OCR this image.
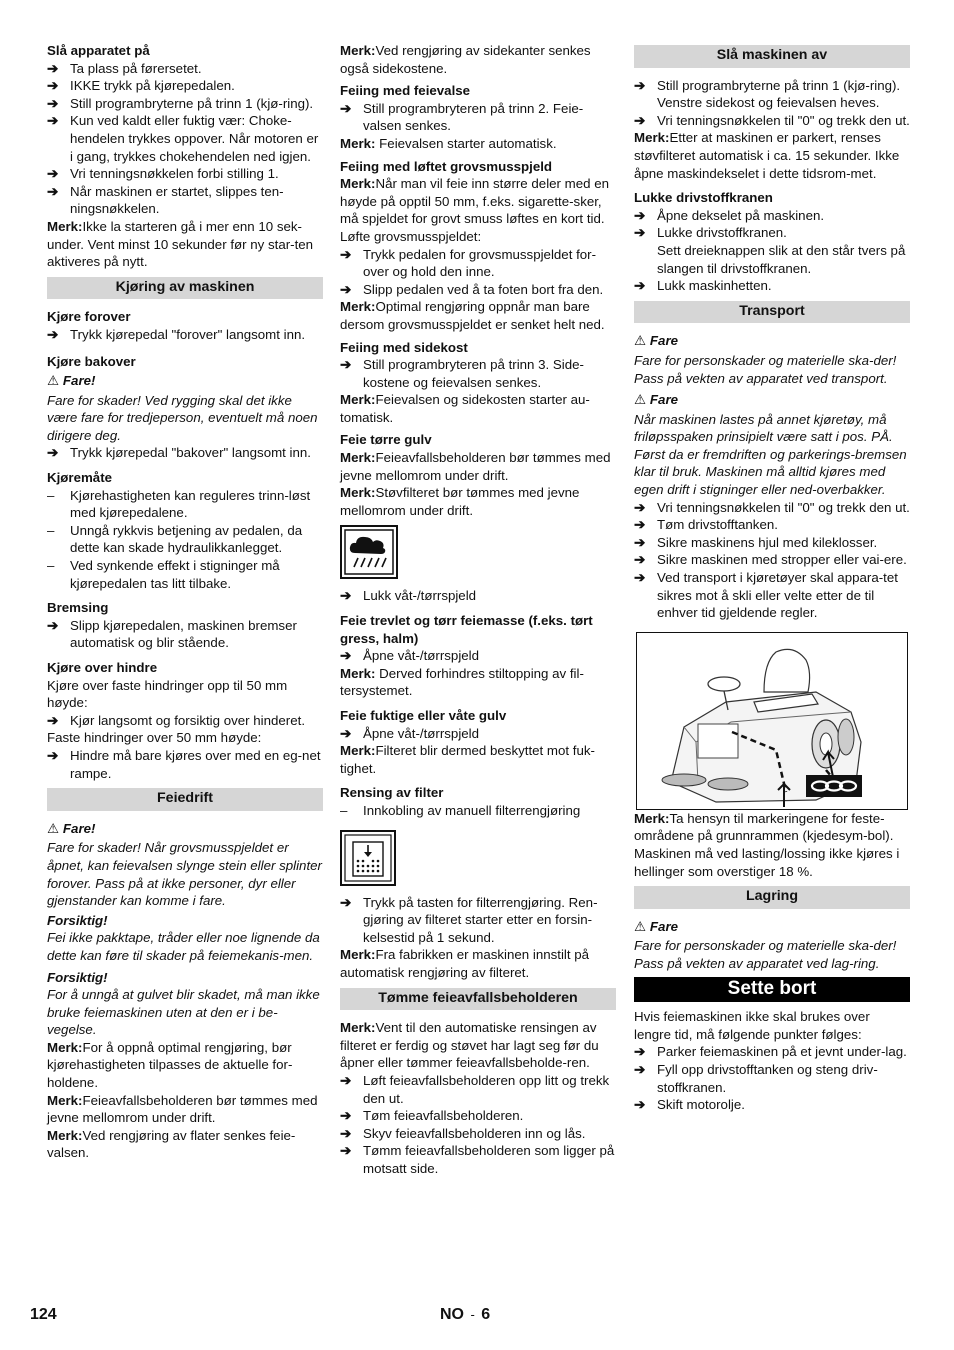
Slå apparatet på
➔ Ta plass på førersetet.
➔ IKKE trykk på kjørepedalen.
➔ Still programbryterne på trinn 1 (kjø-ring).
➔ Kun ved kaldt eller fuktig vær: Choke-hendelen trykkes oppover. Når motoren er i gang, trykkes chokehendelen ned igjen.
➔ Vri tenningsnøkkelen forbi stilling 1.
➔ Når maskinen er startet, slippes ten-ningsnøkkelen.
Merk:Ikke la starteren gå i mer enn 10 sek-under. Vent minst 10 sekunder før ny star-ten aktiveres på nytt.
Kjøring av maskinen
Kjøre forover
➔ Trykk kjørepedal "forover" langsomt inn.
Kjøre bakover
⚠ Fare!
Fare for skader! Ved rygging skal det ikke være fare for tredjeperson, eventuelt må noen dirigere deg.
➔ Trykk kjørepedal "bakover" langsomt inn.
Kjøremåte
– Kjørehastigheten kan reguleres trinn-løst med kjørepedalene.
– Unngå rykkvis betjening av pedalen, da dette kan skade hydraulikkanlegget.
– Ved synkende effekt i stigninger må kjørepedalen tas litt tilbake.
Bremsing
➔ Slipp kjørepedalen, maskinen bremser automatisk og blir stående.
Kjøre over hindre
Kjøre over faste hindringer opp til 50 mm høyde:
➔ Kjør langsomt og forsiktig over hinderet.
Faste hindringer over 50 mm høyde:
➔ Hindre må bare kjøres over med en eg-net rampe.
Feiedrift
⚠ Fare!
Fare for skader! Når grovsmusspjeldet er åpnet, kan feievalsen slynge stein eller splinter forover. Pass på at ikke personer, dyr eller gjenstander kan komme i fare.
Forsiktig!
Fei ikke pakktape, tråder eller noe lignende da dette kan føre til skader på feiemekanis-men.
Forsiktig!
For å unngå at gulvet blir skadet, må man ikke bruke feiemaskinen uten at den er i be-vegelse.
Merk:For å oppnå optimal rengjøring, bør kjørehastigheten tilpasses de aktuelle for-holdene.
Merk:Feieavfallsbeholderen bør tømmes med jevne mellomrom under drift.
Merk:Ved rengjøring av flater senkes feie-valsen.
Merk:Ved rengjøring av sidekanter senkes også sidekostene.
Feiing med feievalse
➔ Still programbryteren på trinn 2. Feie-valsen senkes.
Merk: Feievalsen starter automatisk.
Feiing med løftet grovsmusspjeld
Merk:Når man vil feie inn større deler med en høyde på opptil 50 mm, f.eks. sigarette-sker, må spjeldet for grovt smuss løftes en kort tid.
Løfte grovsmusspjeldet:
➔ Trykk pedalen for grovsmusspjeldet for-over og hold den inne.
➔ Slipp pedalen ved å ta foten bort fra den.
Merk:Optimal rengjøring oppnår man bare dersom grovsmusspjeldet er senket helt ned.
Feiing med sidekost
➔ Still programbryteren på trinn 3. Side-kostene og feievalsen senkes.
Merk:Feievalsen og sidekosten starter au-tomatisk.
Feie tørre gulv
Merk:Feieavfallsbeholderen bør tømmes med jevne mellomrom under drift.
Merk:Støvfilteret bør tømmes med jevne mellomrom under drift.
➔ Lukk våt-/tørrspjeld
Feie trevlet og tørr feiemasse (f.eks. tørt gress, halm)
➔ Åpne våt-/tørrspjeld
Merk: Derved forhindres stiltopping av fil-tersystemet.
Feie fuktige eller våte gulv
➔ Åpne våt-/tørrspjeld
Merk:Filteret blir dermed beskyttet mot fuk-tighet.
Rensing av filter
– Innkobling av manuell filterrengjøring
➔ Trykk på tasten for filterrengjøring. Ren-gjøring av filteret starter etter en forsin-kelsestid på 1 sekund.
Merk:Fra fabrikken er maskinen innstilt på automatisk rengjøring av filteret.
Tømme feieavfallsbeholderen
Merk:Vent til den automatiske rensingen av filteret er ferdig og støvet har lagt seg før du åpner eller tømmer feieavfallsbeholde-ren.
➔ Løft feieavfallsbeholderen opp litt og trekk den ut.
➔ Tøm feieavfallsbeholderen.
➔ Skyv feieavfallsbeholderen inn og lås.
➔ Tømm feieavfallsbeholderen som ligger på motsatt side.
Slå maskinen av
➔ Still programbryterne på trinn 1 (kjø-ring). Venstre sidekost og feievalsen heves.
➔ Vri tenningsnøkkelen til "0" og trekk den ut.
Merk:Etter at maskinen er parkert, renses støvfilteret automatisk i ca. 15 sekunder. Ikke åpne maskindekselet i dette tidsrom-met.
Lukke drivstoffkranen
➔ Åpne dekselet på maskinen.
➔ Lukke drivstoffkranen.
Sett dreieknappen slik at den står tvers på slangen til drivstoffkranen.
➔ Lukk maskinhetten.
Transport
⚠ Fare
Fare for personskader og materielle ska-der! Pass på vekten av apparatet ved transport.
⚠ Fare
Når maskinen lastes på annet kjøretøy, må friløpsspaken prinsipielt være satt i pos. PÅ. Først da er fremdriften og parkerings-bremsen klar til bruk. Maskinen må alltid kjøres med egen drift i stigninger eller ned-overbakker.
➔ Vri tenningsnøkkelen til "0" og trekk den ut.
➔ Tøm drivstofftanken.
➔ Sikre maskinens hjul med kileklosser.
➔ Sikre maskinen med stropper eller vai-ere.
➔ Ved transport i kjøretøyer skal appara-tet sikres mot å skli eller velte etter de til enhver tid gjeldende regler.
Merk:Ta hensyn til markeringene for feste-områdene på grunnrammen (kjedesym-bol). Maskinen må ved lasting/lossing ikke kjøres i hellinger som overstiger 18 %.
Lagring
⚠ Fare
Fare for personskader og materielle ska-der! Pass på vekten av apparatet ved lag-ring.
Sette bort
Hvis feiemaskinen ikke skal brukes over lengre tid, må følgende punkter følges:
➔ Parker feiemaskinen på et jevnt under-lag.
➔ Fyll opp drivstofftanken og steng driv-stoffkranen.
➔ Skift motorolje.
124	NO - 6
